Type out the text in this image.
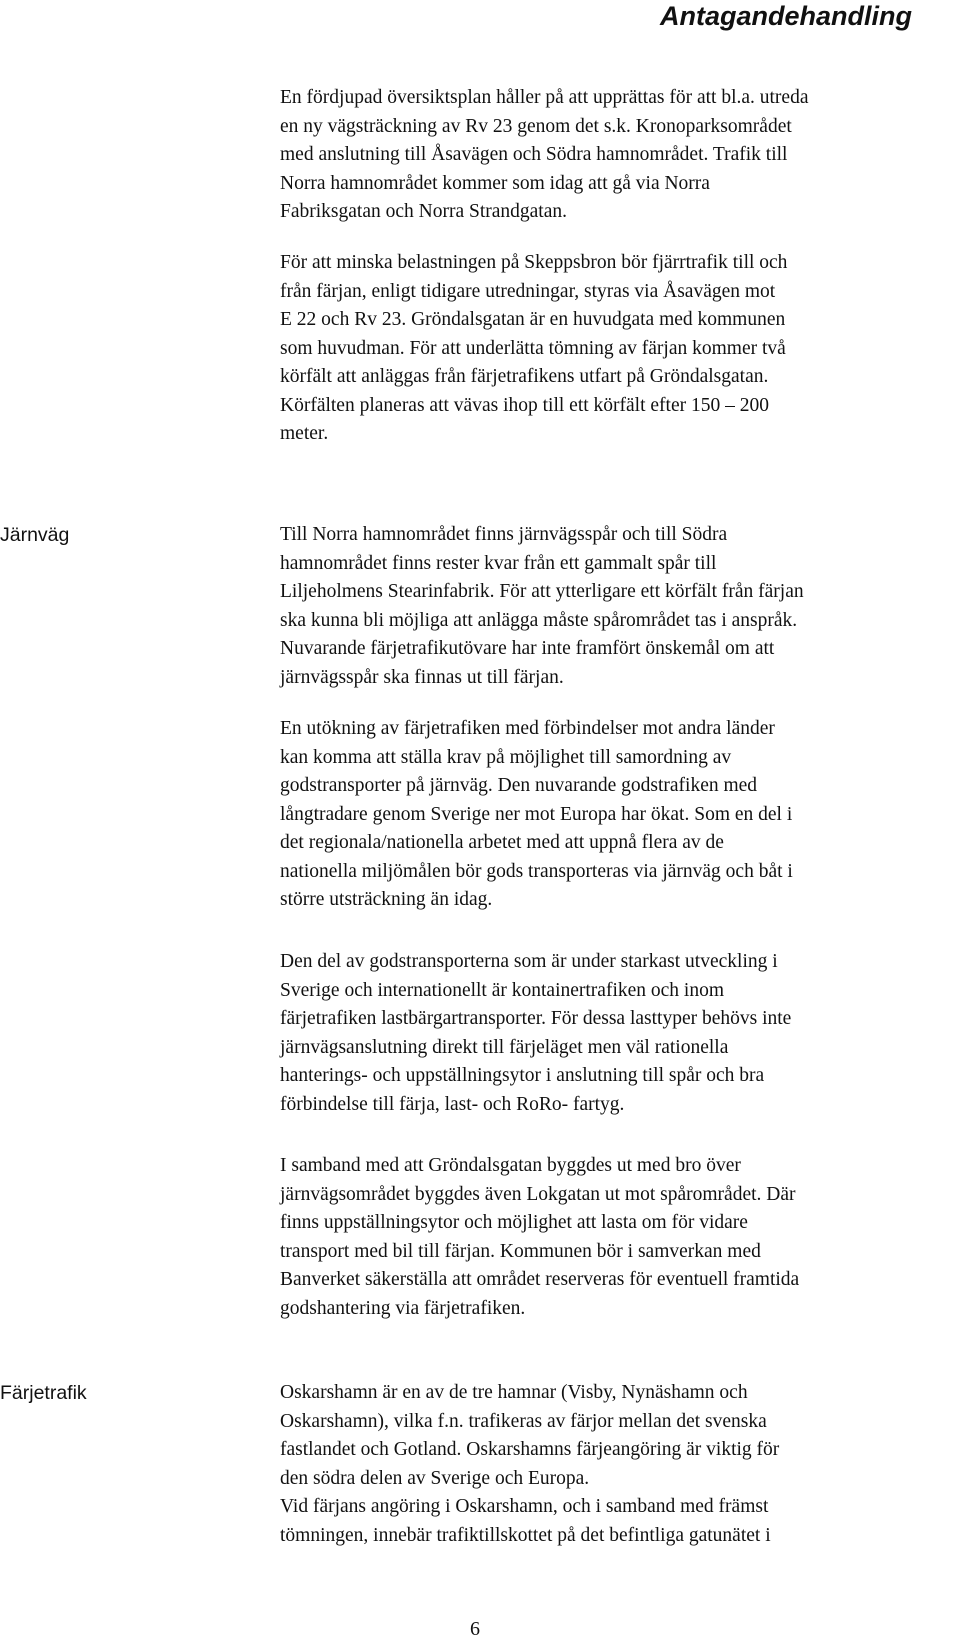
Antagandehandling
En fördjupad översiktsplan håller på att upprättas för att bl.a. utreda
en ny vägsträckning av Rv 23 genom det s.k. Kronoparksområdet
med anslutning till Åsavägen och Södra hamnområdet. Trafik till
Norra hamnområdet kommer som idag att gå via Norra
Fabriksgatan och Norra Strandgatan.
För att minska belastningen på Skeppsbron bör fjärrtrafik till och
från färjan, enligt tidigare utredningar, styras via Åsavägen mot
E 22 och Rv 23. Gröndalsgatan är en huvudgata med kommunen
som huvudman. För att underlätta tömning av färjan kommer två
körfält att anläggas från färjetrafikens utfart på Gröndalsgatan.
Körfälten planeras att vävas ihop till ett körfält efter 150 – 200
meter.
Järnväg	Till Norra hamnområdet finns järnvägsspår och till Södra
hamnområdet finns rester kvar från ett gammalt spår till
Liljeholmens Stearinfabrik. För att ytterligare ett körfält från färjan
ska kunna bli möjliga att anlägga måste spårområdet tas i anspråk.
Nuvarande färjetrafikutövare har inte framfört önskemål om att
järnvägsspår ska finnas ut till färjan.
En utökning av färjetrafiken med förbindelser mot andra länder
kan komma att ställa krav på möjlighet till samordning av
godstransporter på järnväg. Den nuvarande godstrafiken med
långtradare genom Sverige ner mot Europa har ökat. Som en del i
det regionala/nationella arbetet med att uppnå flera av de
nationella miljömålen bör gods transporteras via järnväg och båt i
större utsträckning än idag.
Den del av godstransporterna som är under starkast utveckling i
Sverige och internationellt är kontainertrafiken och inom
färjetrafiken lastbärgartransporter. För dessa lasttyper behövs inte
järnvägsanslutning direkt till färjeläget men väl rationella
hanterings- och uppställningsytor i anslutning till spår och bra
förbindelse till färja, last- och RoRo- fartyg.
I samband med att Gröndalsgatan byggdes ut med bro över
järnvägsområdet byggdes även Lokgatan ut mot spårområdet. Där
finns uppställningsytor och möjlighet att lasta om för vidare
transport med bil till färjan. Kommunen bör i samverkan med
Banverket säkerställa att området reserveras för eventuell framtida
godshantering via färjetrafiken.
Färjetrafik	Oskarshamn är en av de tre hamnar (Visby, Nynäshamn och
Oskarshamn), vilka f.n. trafikeras av färjor mellan det svenska
fastlandet och Gotland. Oskarshamns färjeangöring är viktig för
den södra delen av Sverige och Europa.
Vid färjans angöring i Oskarshamn, och i samband med främst
tömningen, innebär trafiktillskottet på det befintliga gatunätet i
6
